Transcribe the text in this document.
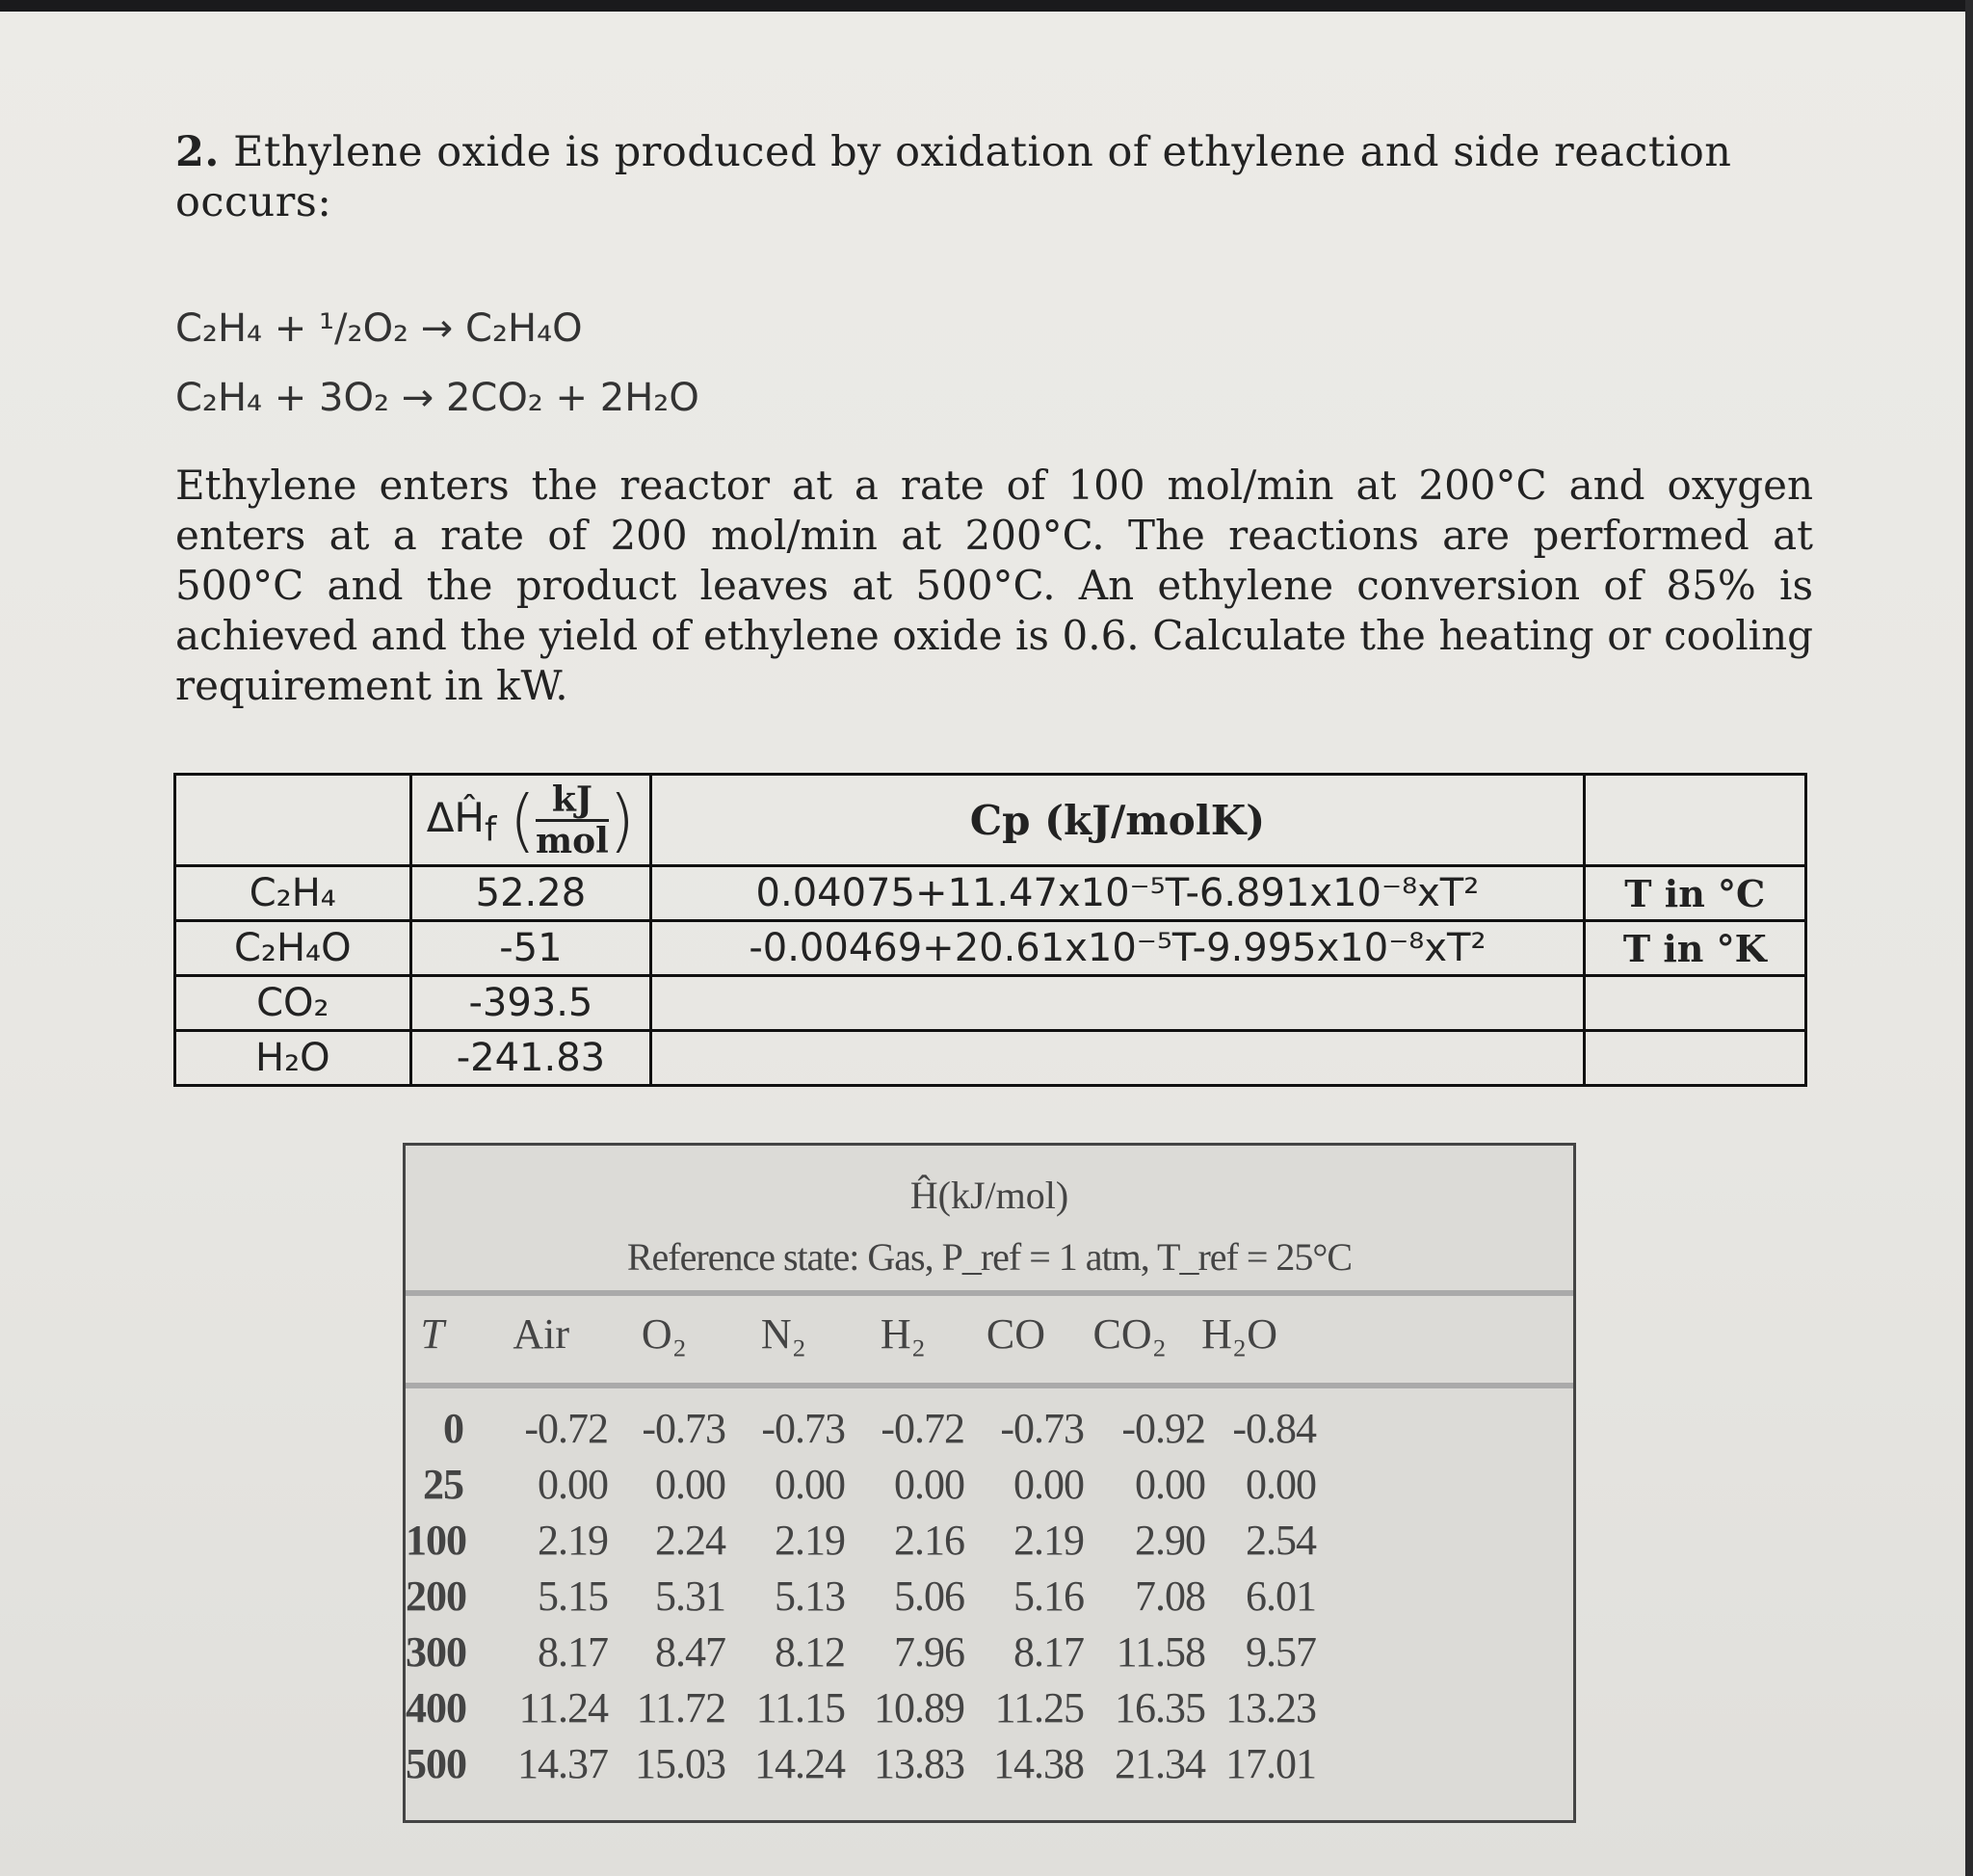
2. Ethylene oxide is produced by oxidation of ethylene and side reaction
occurs:
C₂H₄ + ¹/₂O₂ → C₂H₄O
C₂H₄ + 3O₂ → 2CO₂ + 2H₂O
Ethylene enters the reactor at a rate of 100 mol/min at 200°C and oxygen enters at a rate of 200 mol/min at 200°C. The reactions are performed at 500°C and the product leaves at 500°C. An ethylene conversion of 85% is achieved and the yield of ethylene oxide is 0.6. Calculate the heating or cooling requirement in kW.
	$\Delta Ĥ_f$ ( $\frac{kJ}{\text{mol}}$ )	Cp (kJ/molK)	
C₂H₄	52.28	0.04075+11.47x10⁻⁵T-6.891x10⁻⁸xT²	T in °C
C₂H₄O	-51	-0.00469+20.61x10⁻⁵T-9.995x10⁻⁸xT²	T in °K
CO₂	-393.5		
H₂O	-241.83		
Ĥ(kJ/mol)
Reference state: Gas, P_ref = 1 atm, T_ref = 25°C
T	Air	O₂	N₂	H₂	CO	CO₂ H₂O
0	-0.72 -0.73 -0.73 -0.72 -0.73 -0.92 -0.84
25	0.00	0.00	0.00	0.00	0.00	0.00 0.00
100	2.19	2.24	2.19	2.16	2.19	2.90 2.54
200	5.15	5.31	5.13	5.06	5.16	7.08 6.01
300	8.17	8.47	8.12	7.96	8.17 11.58 9.57
400	11.24 11.72 11.15 10.89 11.25 16.35 13.23
500	14.37 15.03 14.24 13.83 14.38 21.34 17.01
